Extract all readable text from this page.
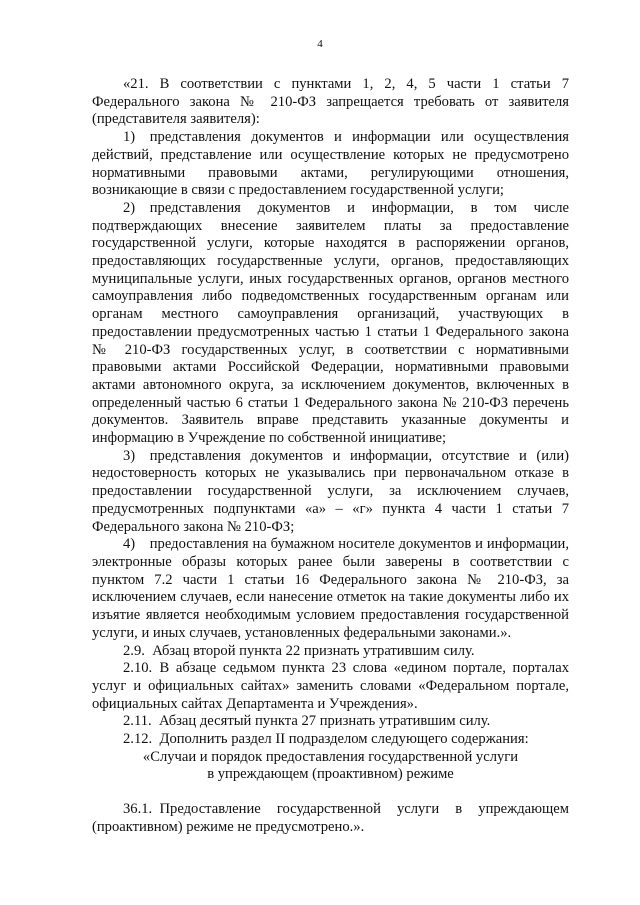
4

«21. В соответствии с пунктами 1, 2, 4, 5 части 1 статьи 7 Федерального закона № 210-ФЗ запрещается требовать от заявителя (представителя заявителя):

1) представления документов и информации или осуществления действий, представление или осуществление которых не предусмотрено нормативными правовыми актами, регулирующими отношения, возникающие в связи с предоставлением государственной услуги;

2) представления документов и информации, в том числе подтверждающих внесение заявителем платы за предоставление государственной услуги, которые находятся в распоряжении органов, предоставляющих государственные услуги, органов, предоставляющих муниципальные услуги, иных государственных органов, органов местного самоуправления либо подведомственных государственным органам или органам местного самоуправления организаций, участвующих в предоставлении предусмотренных частью 1 статьи 1 Федерального закона № 210-ФЗ государственных услуг, в соответствии с нормативными правовыми актами Российской Федерации, нормативными правовыми актами автономного округа, за исключением документов, включенных в определенный частью 6 статьи 1 Федерального закона № 210-ФЗ перечень документов. Заявитель вправе представить указанные документы и информацию в Учреждение по собственной инициативе;

3) представления документов и информации, отсутствие и (или) недостоверность которых не указывались при первоначальном отказе в предоставлении государственной услуги, за исключением случаев, предусмотренных подпунктами «а» – «г» пункта 4 части 1 статьи 7 Федерального закона № 210-ФЗ;

4) предоставления на бумажном носителе документов и информации, электронные образы которых ранее были заверены в соответствии с пунктом 7.2 части 1 статьи 16 Федерального закона № 210-ФЗ, за исключением случаев, если нанесение отметок на такие документы либо их изъятие является необходимым условием предоставления государственной услуги, и иных случаев, установленных федеральными законами.».

2.9. Абзац второй пункта 22 признать утратившим силу.

2.10. В абзаце седьмом пункта 23 слова «едином портале, порталах услуг и официальных сайтах» заменить словами «Федеральном портале, официальных сайтах Департамента и Учреждения».

2.11. Абзац десятый пункта 27 признать утратившим силу.

2.12. Дополнить раздел II подразделом следующего содержания:

«Случаи и порядок предоставления государственной услуги

в упреждающем (проактивном) режиме

36.1. Предоставление государственной услуги в упреждающем (проактивном) режиме не предусмотрено.».
